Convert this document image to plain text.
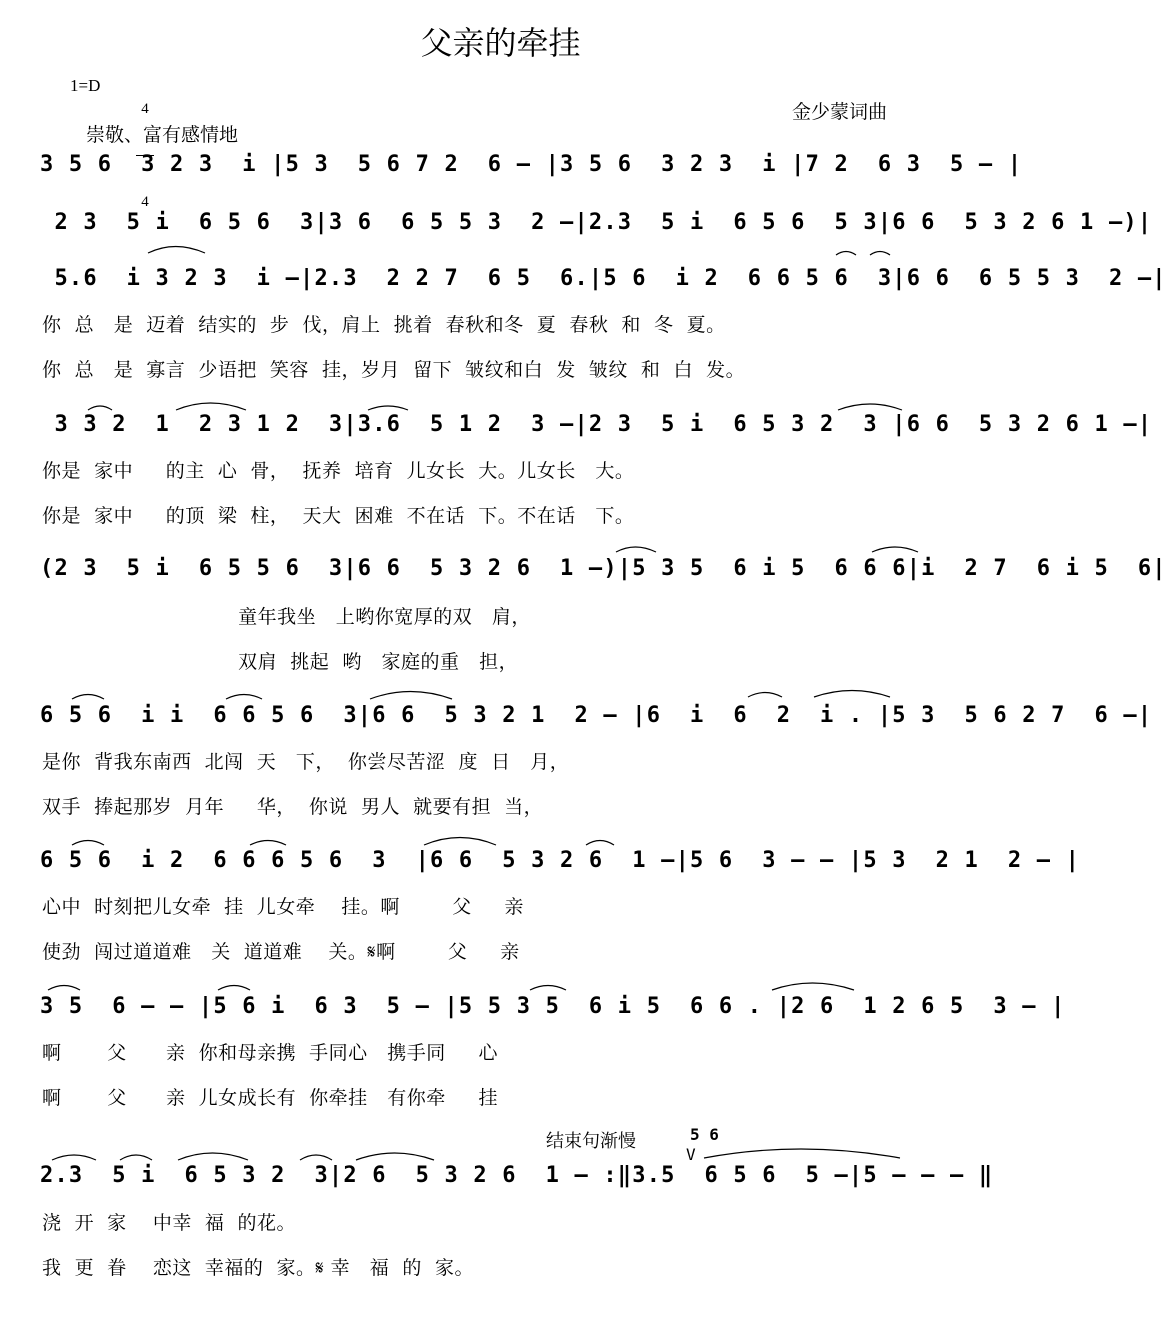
父亲的牵挂
1=D

4

4

金少蒙词曲
崇敬、富有感情地
3 5 6  3 2 3  i |5 3  5 6 7 2  6 – |3 5 6  3 2 3  i |7 2  6 3  5 – |
2 3  5 i  6 5 6  3|3 6  6 5 5 3  2 –|2.3  5 i  6 5 6  5 3|6 6  5 3 2 6 1 –)|
5.6  i 3 2 3  i –|2.3  2 2 7  6 5  6.|5 6  i 2  6 6 5 6  3|6 6  6 5 5 3  2 –|
你  总   是  迈着  结实的  步  伐，肩上  挑着  春秋和冬  夏  春秋  和  冬  夏。
你  总   是  寡言  少语把  笑容  挂，岁月  留下  皱纹和白  发  皱纹  和  白  发。
3 3 2  1  2 3 1 2  3|3.6  5 1 2  3 –|2 3  5 i  6 5 3 2  3 |6 6  5 3 2 6 1 –|
你是  家中     的主  心  骨，  抚养  培育  儿女长  大。儿女长   大。
你是  家中     的顶  梁  柱，  天大  困难  不在话  下。不在话   下。
(2 3  5 i  6 5 5 6  3|6 6  5 3 2 6  1 –)|5 3 5  6 i 5  6 6 6|i  2 7  6 i 5  6|
童年我坐   上哟你宽厚的双   肩，
双肩  挑起  哟   家庭的重   担，
6 5 6  i i  6 6 5 6  3|6 6  5 3 2 1  2 – |6  i  6  2  i . |5 3  5 6 2 7  6 –|
是你  背我东南西  北闯  天   下，  你尝尽苦涩  度  日   月，
双手  捧起那岁  月年     华，  你说  男人  就要有担  当，
6 5 6  i 2  6 6 6 5 6  3  |6 6  5 3 2 6  1 –|5 6  3 – – |5 3  2 1  2 – |
心中  时刻把儿女牵  挂  儿女牵    挂。啊        父     亲
使劲  闯过道道难   关  道道难    关。𝄋啊        父     亲
3 5  6 – – |5 6 i  6 3  5 – |5 5 3 5  6 i 5  6 6 . |2 6  1 2 6 5  3 – |
啊       父      亲  你和母亲携  手同心   携手同     心
啊       父      亲  儿女成长有  你牵挂   有你牵     挂
结束句渐慢	5 6
V
2.3  5 i  6 5 3 2  3|2 6  5 3 2 6  1 – :‖3.5  6 5 6  5 –|5 – – – ‖
浇  开  家    中幸  福  的花。
我  更  眷    恋这  幸福的  家。𝄋 幸   福  的  家。
